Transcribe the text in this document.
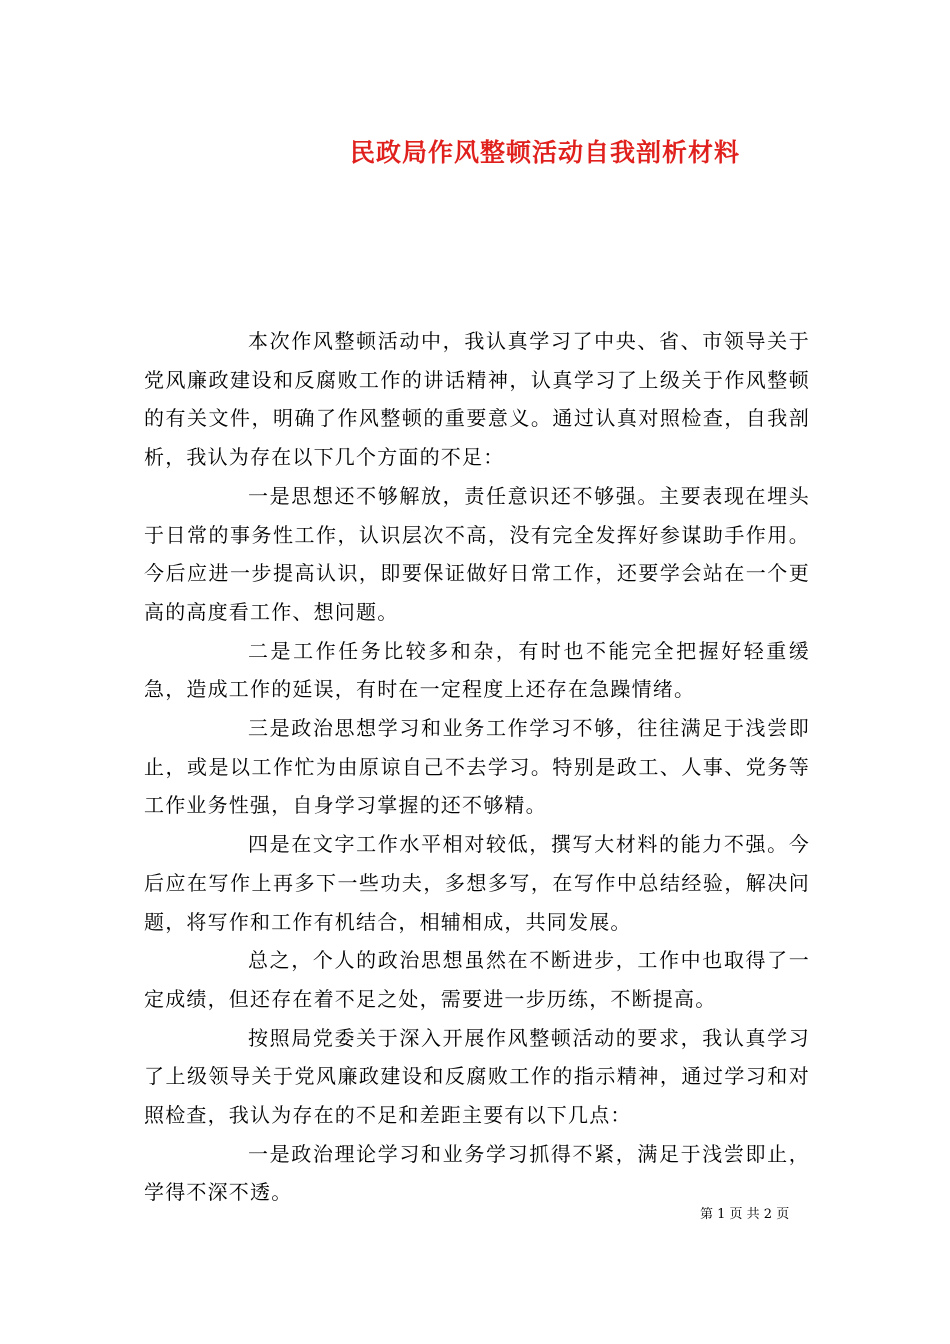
民政局作风整顿活动自我剖析材料

本次作风整顿活动中，我认真学习了中央、省、市领导关于党风廉政建设和反腐败工作的讲话精神，认真学习了上级关于作风整顿的有关文件，明确了作风整顿的重要意义。通过认真对照检查，自我剖析，我认为存在以下几个方面的不足：

一是思想还不够解放，责任意识还不够强。主要表现在埋头于日常的事务性工作，认识层次不高，没有完全发挥好参谋助手作用。今后应进一步提高认识，即要保证做好日常工作，还要学会站在一个更高的高度看工作、想问题。

二是工作任务比较多和杂，有时也不能完全把握好轻重缓急，造成工作的延误，有时在一定程度上还存在急躁情绪。

三是政治思想学习和业务工作学习不够，往往满足于浅尝即止，或是以工作忙为由原谅自己不去学习。特别是政工、人事、党务等工作业务性强，自身学习掌握的还不够精。

四是在文字工作水平相对较低，撰写大材料的能力不强。今后应在写作上再多下一些功夫，多想多写，在写作中总结经验，解决问题，将写作和工作有机结合，相辅相成，共同发展。

总之，个人的政治思想虽然在不断进步，工作中也取得了一定成绩，但还存在着不足之处，需要进一步历练，不断提高。

按照局党委关于深入开展作风整顿活动的要求，我认真学习了上级领导关于党风廉政建设和反腐败工作的指示精神，通过学习和对照检查，我认为存在的不足和差距主要有以下几点：

一是政治理论学习和业务学习抓得不紧，满足于浅尝即止，学得不深不透。

第 1 页 共 2 页
